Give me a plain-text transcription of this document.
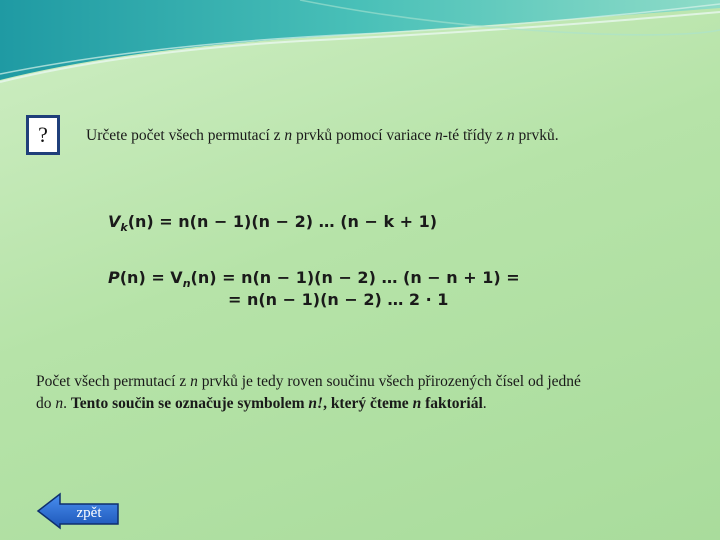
? Určete počet všech permutací z n prvků pomocí variace n-té třídy z n prvků.
$V_k(n) = n(n - 1)(n - 2)$ … (n − k + 1)
$P(n) = V_n(n) = n(n - 1)(n - 2)$ … (n − n + 1) =
= n(n − 1)(n − 2) … 2 · 1
Počet všech permutací z n prvků je tedy roven součinu všech přirozených čísel od jedné
do n. Tento součin se označuje symbolem n!, který čteme n faktoriál.
zpět
